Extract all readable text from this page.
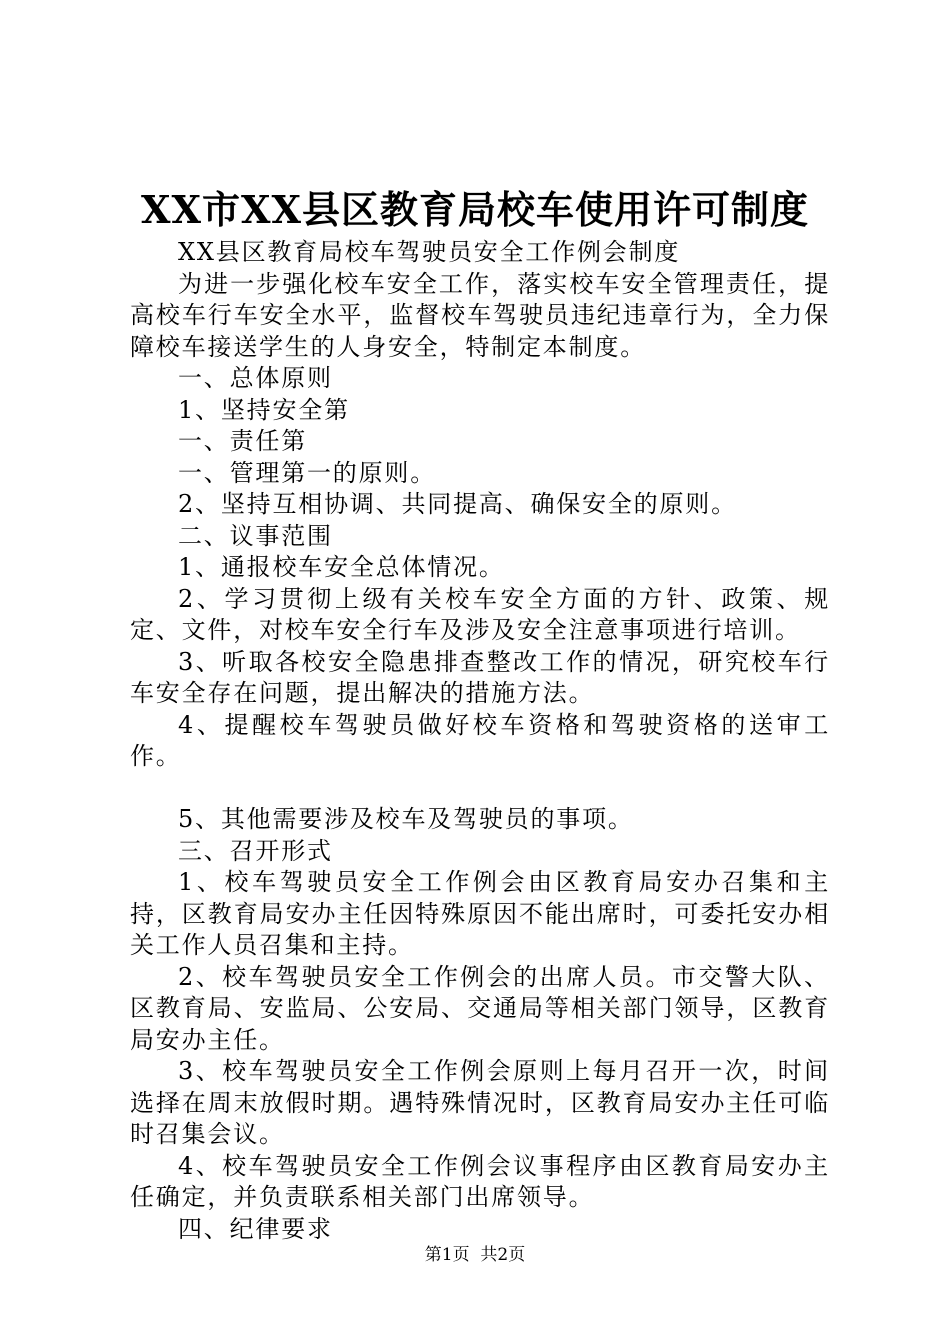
XX市XX县区教育局校车使用许可制度

XX县区教育局校车驾驶员安全工作例会制度

为进一步强化校车安全工作，落实校车安全管理责任，提高校车行车安全水平，监督校车驾驶员违纪违章行为，全力保障校车接送学生的人身安全，特制定本制度。

一、总体原则

1、坚持安全第

一、责任第

一、管理第一的原则。

2、坚持互相协调、共同提高、确保安全的原则。

二、议事范围

1、通报校车安全总体情况。

2、学习贯彻上级有关校车安全方面的方针、政策、规定、文件，对校车安全行车及涉及安全注意事项进行培训。

3、听取各校安全隐患排查整改工作的情况，研究校车行车安全存在问题，提出解决的措施方法。

4、提醒校车驾驶员做好校车资格和驾驶资格的送审工作。

5、其他需要涉及校车及驾驶员的事项。

三、召开形式

1、校车驾驶员安全工作例会由区教育局安办召集和主持，区教育局安办主任因特殊原因不能出席时，可委托安办相关工作人员召集和主持。

2、校车驾驶员安全工作例会的出席人员。市交警大队、区教育局、安监局、公安局、交通局等相关部门领导，区教育局安办主任。

3、校车驾驶员安全工作例会原则上每月召开一次，时间选择在周末放假时期。遇特殊情况时，区教育局安办主任可临时召集会议。

4、校车驾驶员安全工作例会议事程序由区教育局安办主任确定，并负责联系相关部门出席领导。

四、纪律要求

第1页  共2页
